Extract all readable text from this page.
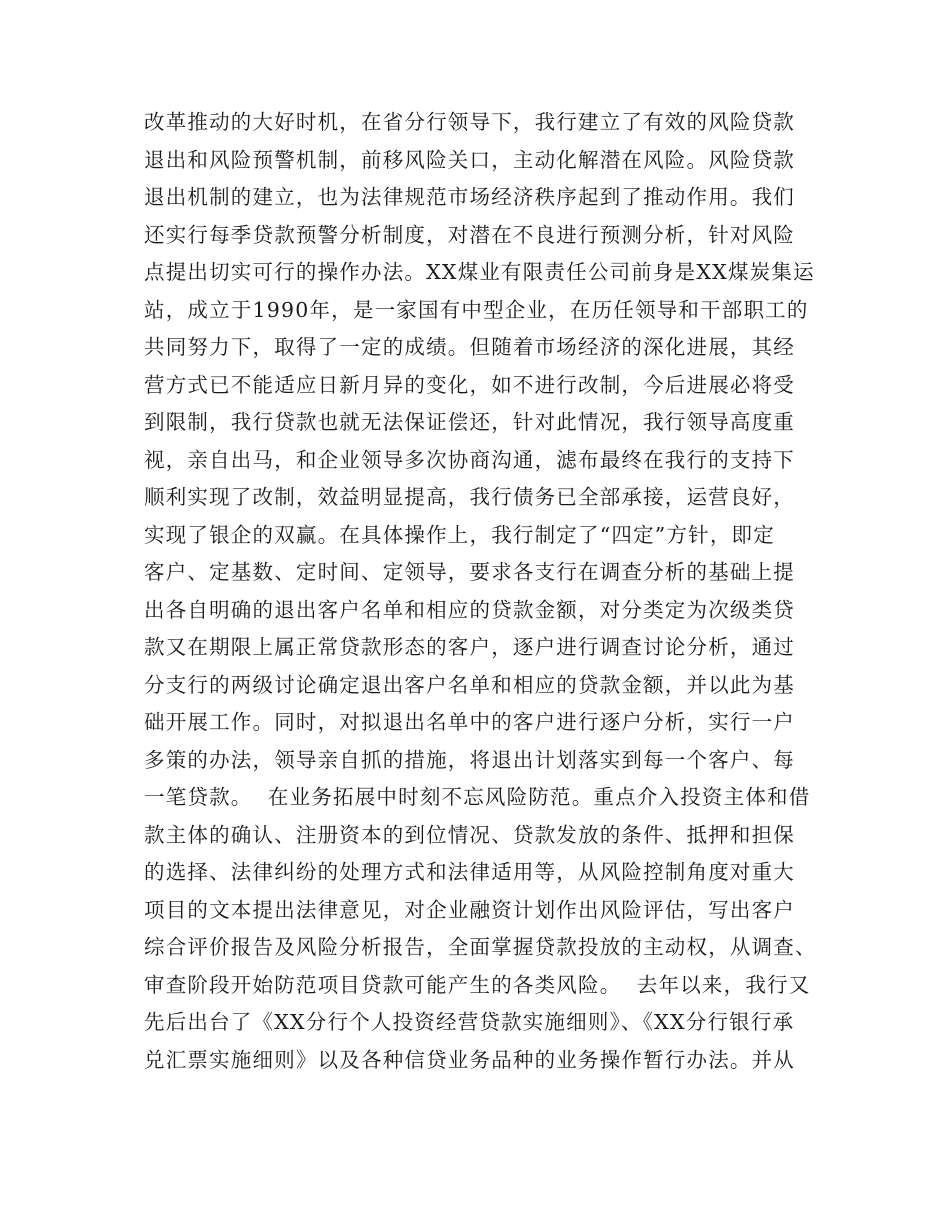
改革推动的大好时机，在省分行领导下，我行建立了有效的风险贷款
退出和风险预警机制，前移风险关口，主动化解潜在风险。风险贷款
退出机制的建立，也为法律规范市场经济秩序起到了推动作用。我们
还实行每季贷款预警分析制度，对潜在不良进行预测分析，针对风险
点提出切实可行的操作办法。XX煤业有限责任公司前身是XX煤炭集运
站，成立于1990年，是一家国有中型企业，在历任领导和干部职工的
共同努力下，取得了一定的成绩。但随着市场经济的深化进展，其经
营方式已不能适应日新月异的变化，如不进行改制，今后进展必将受
到限制，我行贷款也就无法保证偿还，针对此情况，我行领导高度重
视，亲自出马，和企业领导多次协商沟通，滤布最终在我行的支持下
顺利实现了改制，效益明显提高，我行债务已全部承接，运营良好，
实现了银企的双赢。在具体操作上，我行制定了“四定”方针，即定
客户、定基数、定时间、定领导，要求各支行在调查分析的基础上提
出各自明确的退出客户名单和相应的贷款金额，对分类定为次级类贷
款又在期限上属正常贷款形态的客户，逐户进行调查讨论分析，通过
分支行的两级讨论确定退出客户名单和相应的贷款金额，并以此为基
础开展工作。同时，对拟退出名单中的客户进行逐户分析，实行一户
多策的办法，领导亲自抓的措施，将退出计划落实到每一个客户、每
一笔贷款。  在业务拓展中时刻不忘风险防范。重点介入投资主体和借
款主体的确认、注册资本的到位情况、贷款发放的条件、抵押和担保
的选择、法律纠纷的处理方式和法律适用等，从风险控制角度对重大
项目的文本提出法律意见，对企业融资计划作出风险评估，写出客户
综合评价报告及风险分析报告，全面掌握贷款投放的主动权，从调查、
审查阶段开始防范项目贷款可能产生的各类风险。  去年以来，我行又
先后出台了《XX分行个人投资经营贷款实施细则》、《XX分行银行承
兑汇票实施细则》以及各种信贷业务品种的业务操作暂行办法。并从
